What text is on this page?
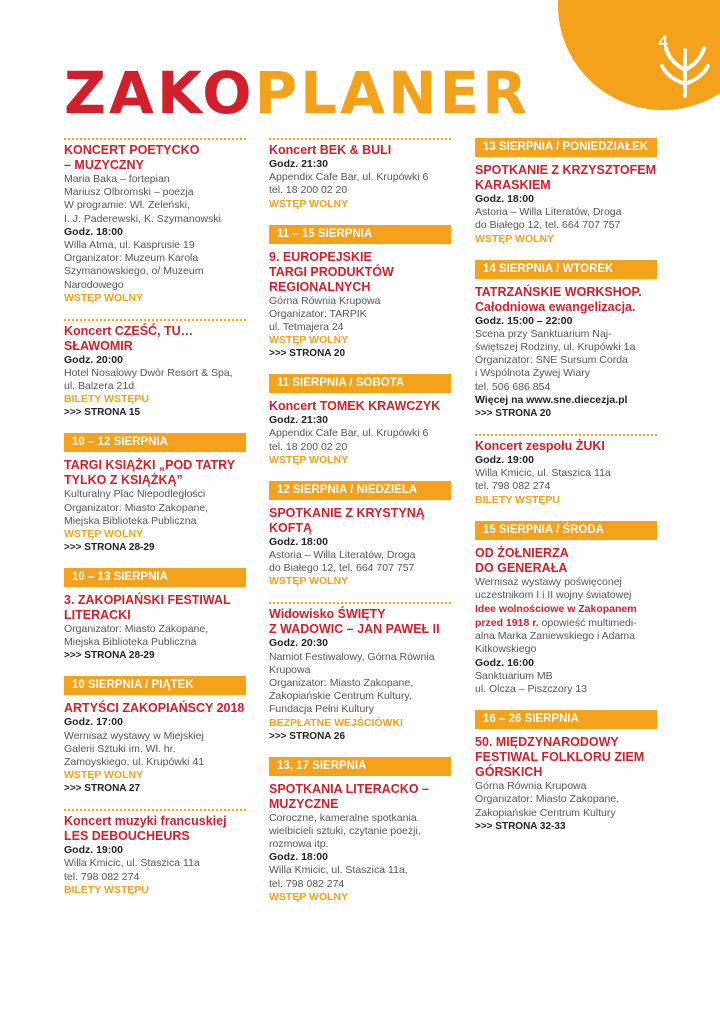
4
ZAKOPLANER
KONCERT POETYCKO
– MUZYCZNY
Maria Baka – fortepian
Mariusz Olbromski – poezja
W programie: Wł. Zeleński,
I. J. Paderewski, K. Szymanowski
Godz. 18:00
Willa Atma, ul. Kasprusie 19
Organizator: Muzeum Karola
Szymanowskiego, o/ Muzeum
Narodowego
WSTĘP WOLNY
Koncert CZEŚĆ, TU…
SŁAWOMIR
Godz. 20:00
Hotel Nosalowy Dwór Resort & Spa,
ul. Balzera 21d
BILETY WSTĘPU
>>> STRONA 15
10 – 12 SIERPNIA
TARGI KSIĄŻKI „POD TATRY
TYLKO Z KSIĄŻKĄ”
Kulturalny Plac Niepodległości
Organizator: Miasto Zakopane,
Miejska Biblioteka Publiczna
WSTĘP WOLNY
>>> STRONA 28-29
10 – 13 SIERPNIA
3. ZAKOPIAŃSKI FESTIWAL
LITERACKI
Organizator: Miasto Zakopane,
Miejska Biblioteka Publiczna
>>> STRONA 28-29
10 SIERPNIA / PIĄTEK
ARTYŚCI ZAKOPIAŃSCY 2018
Godz. 17:00
Wernisaż wystawy w Miejskiej
Galerii Sztuki im. Wł. hr.
Zamoyskiego, ul. Krupówki 41
WSTĘP WOLNY
>>> STRONA 27
Koncert muzyki francuskiej
LES DEBOUCHEURS
Godz. 19:00
Willa Kmicic, ul. Staszica 11a
tel. 798 082 274
BILETY WSTĘPU
Koncert BEK & BULI
Godz. 21:30
Appendix Cafe Bar, ul. Krupówki 6
tel. 18 200 02 20
WSTĘP WOLNY
11 – 15 SIERPNIA
9. EUROPEJSKIE
TARGI PRODUKTÓW
REGIONALNYCH
Górna Równia Krupowa
Organizator: TARPIK
ul. Tetmajera 24
WSTĘP WOLNY
>>> STRONA 20
11 SIERPNIA / SOBOTA
Koncert TOMEK KRAWCZYK
Godz. 21:30
Appendix Cafe Bar, ul. Krupówki 6
tel. 18 200 02 20
WSTĘP WOLNY
12 SIERPNIA / NIEDZIELA
SPOTKANIE Z KRYSTYNĄ
KOFTĄ
Godz. 18:00
Astoria – Willa Literatów, Droga
do Białego 12, tel. 664 707 757
WSTĘP WOLNY
Widowisko ŚWIĘTY
Z WADOWIC – JAN PAWEŁ II
Godz. 20:30
Namiot Festiwalowy, Górna Równia
Krupowa
Organizator: Miasto Zakopane,
Zakopiańskie Centrum Kultury,
Fundacja Pełni Kultury
BEZPŁATNE WEJŚCIÓWKI
>>> STRONA 26
13, 17 SIERPNIA
SPOTKANIA LITERACKO –
MUZYCZNE
Coroczne, kameralne spotkania
wielbicieli sztuki, czytanie poezji,
rozmowa itp.
Godz. 18:00
Willa Kmicic, ul. Staszica 11a,
tel. 798 082 274
WSTĘP WOLNY
13 SIERPNIA / PONIEDZIAŁEK
SPOTKANIE Z KRZYSZTOFEM
KARASKIEM
Godz. 18:00
Astoria – Willa Literatów, Droga
do Białego 12, tel. 664 707 757
WSTĘP WOLNY
14 SIERPNIA / WTOREK
TATRZAŃSKIE WORKSHOP.
Całodniowa ewangelizacja.
Godz. 15:00 – 22:00
Scena przy Sanktuarium Naj-
świętszej Rodziny, ul. Krupówki 1a
Organizator: SNE Sursum Corda
i Wspólnota Żywej Wiary
tel. 506 686 854
Więcej na www.sne.diecezja.pl
>>> STRONA 20
Koncert zespołu ŻUKI
Godz. 19:00
Willa Kmicic, ul. Staszica 11a
tel. 798 082 274
BILETY WSTĘPU
15 SIERPNIA / ŚRODA
OD ŻOŁNIERZA
DO GENERAŁA
Wernisaż wystawy poświęconej
uczestnikom I i II wojny światowej
Idee wolnościowe w Zakopanem
przed 1918 r. opowieść multimedi-
alna Marka Zaniewskiego i Adama
Kitkowskiego
Godz. 16:00
Sanktuarium MB
ul. Olcza – Piszczory 13
16 – 26 SIERPNIA
50. MIĘDZYNARODOWY
FESTIWAL FOLKLORU ZIEM
GÓRSKICH
Górna Równia Krupowa
Organizator: Miasto Zakopane,
Zakopiańskie Centrum Kultury
>>> STRONA 32-33
